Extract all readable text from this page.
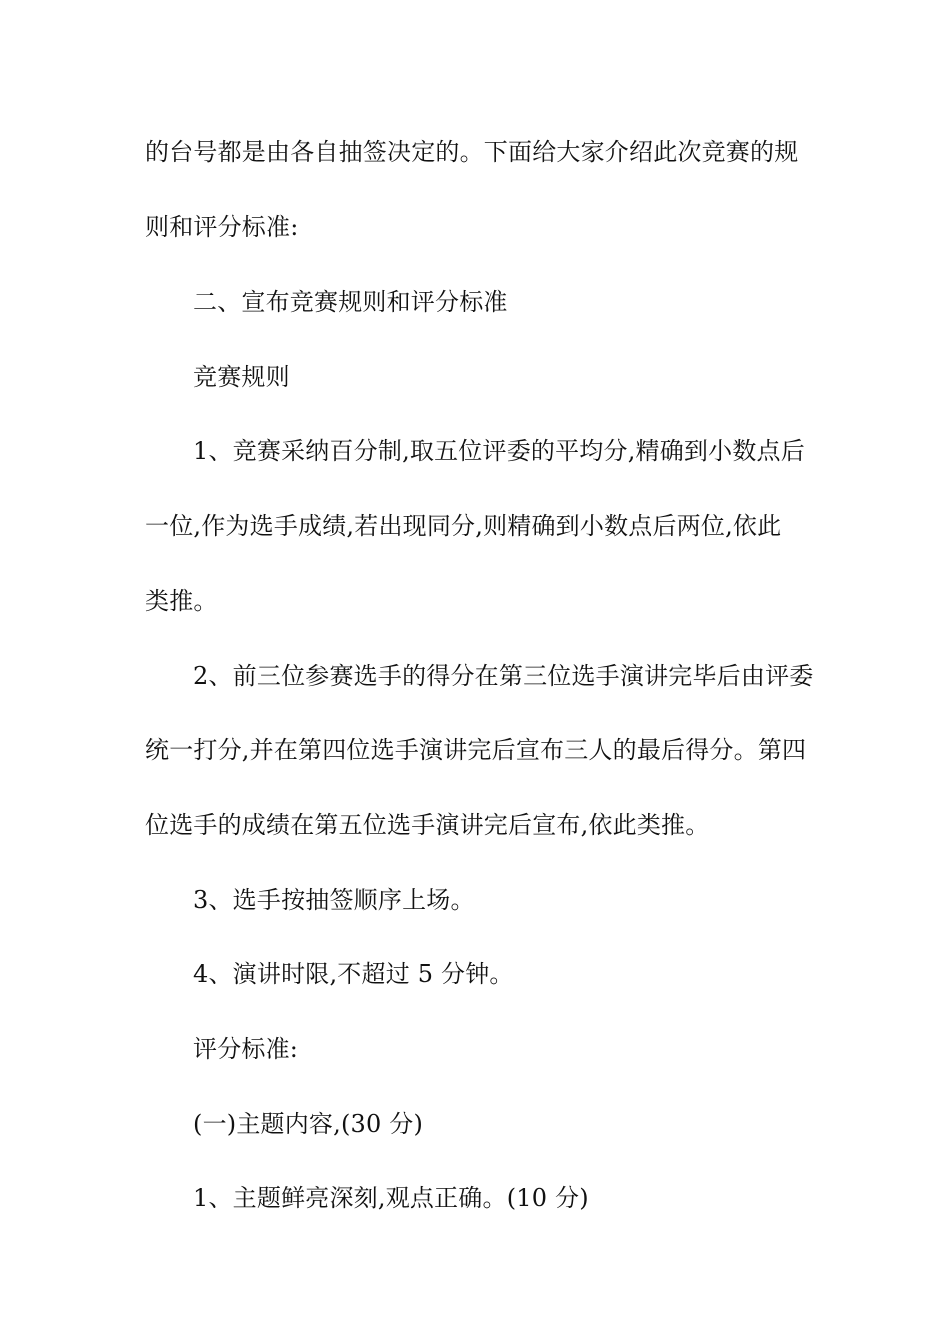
的台号都是由各自抽签决定的。下面给大家介绍此次竞赛的规
则和评分标准:
二、宣布竞赛规则和评分标准
竞赛规则
1、竞赛采纳百分制,取五位评委的平均分,精确到小数点后
一位,作为选手成绩,若出现同分,则精确到小数点后两位,依此
类推。
2、前三位参赛选手的得分在第三位选手演讲完毕后由评委
统一打分,并在第四位选手演讲完后宣布三人的最后得分。第四
位选手的成绩在第五位选手演讲完后宣布,依此类推。
3、选手按抽签顺序上场。
4、演讲时限,不超过 5 分钟。
评分标准:
(一)主题内容,(30 分)
1、主题鲜亮深刻,观点正确。(10 分)
